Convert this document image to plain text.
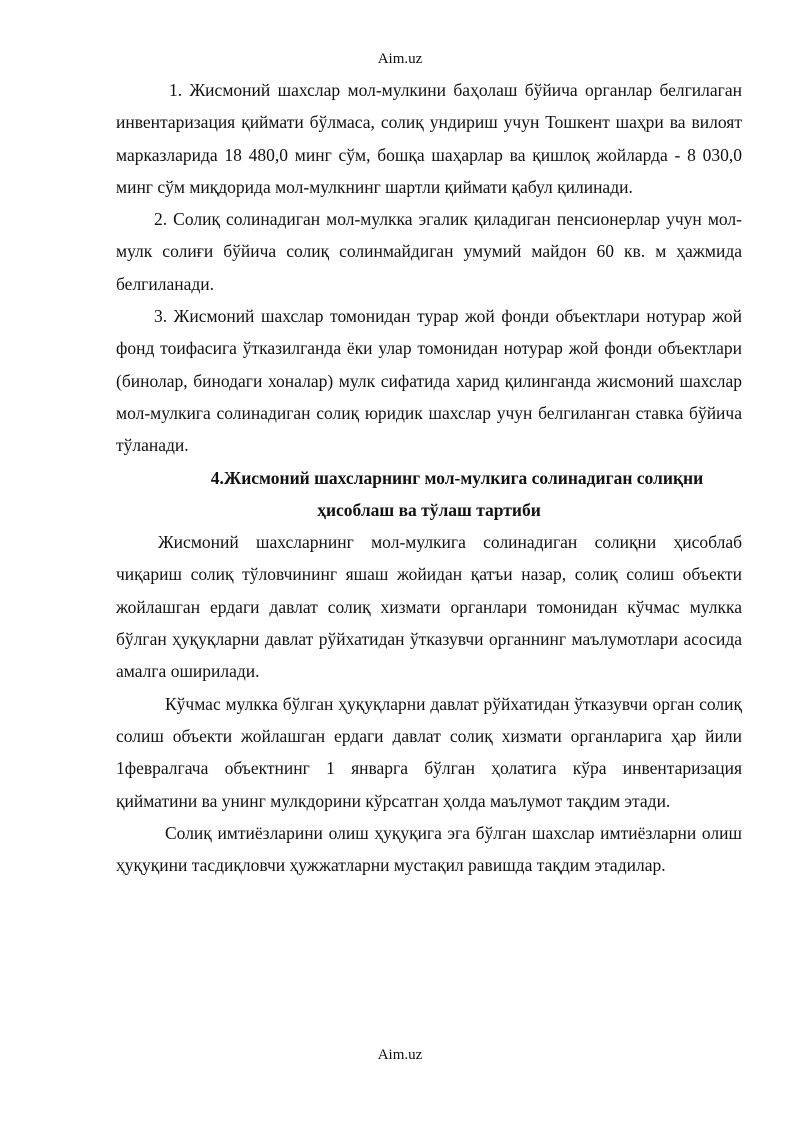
Aim.uz

1. Жисмоний шахслар мол-мулкини баҳолаш бўйича органлар белгилаган инвентаризация қиймати бўлмаса, солиқ ундириш учун Тошкент шаҳри ва вилоят марказларида 18 480,0 минг сўм, бошқа шаҳарлар ва қишлоқ жойларда - 8 030,0 минг сўм миқдорида мол-мулкнинг шартли қиймати қабул қилинади.

2. Солиқ солинадиган мол-мулкка эгалик қиладиган пенсионерлар учун мол-мулк солиғи бўйича солиқ солинмайдиган умумий майдон 60 кв. м ҳажмида белгиланади.

3. Жисмоний шахслар томонидан турар жой фонди объектлари нотурар жой фонд тоифасига ўтказилганда ёки улар томонидан нотурар жой фонди объектлари (бинолар, бинодаги хоналар) мулк сифатида харид қилинганда жисмоний шахслар мол-мулкига солинадиган солиқ юридик шахслар учун белгиланган ставка бўйича тўланади.

4.Жисмоний шахсларнинг мол-мулкига солинадиган солиқни

ҳисоблаш ва тўлаш тартиби

Жисмоний шахсларнинг мол-мулкига солинадиган солиқни ҳисоблаб чиқариш солиқ тўловчининг яшаш жойидан қатъи назар, солиқ солиш объекти жойлашган ердаги давлат солиқ хизмати органлари томонидан кўчмас мулкка бўлган ҳуқуқларни давлат рўйхатидан ўтказувчи органнинг маълумотлари асосида амалга оширилади.

Кўчмас мулкка бўлган ҳуқуқларни давлат рўйхатидан ўтказувчи орган солиқ солиш объекти жойлашган ердаги давлат солиқ хизмати органларига ҳар йили 1февралгача объектнинг 1 январга бўлган ҳолатига кўра инвентаризация қийматини ва унинг мулкдорини кўрсатган ҳолда маълумот тақдим этади.

Солиқ имтиёзларини олиш ҳуқуқига эга бўлган шахслар имтиёзларни олиш ҳуқуқини тасдиқловчи ҳужжатларни мустақил равишда тақдим этадилар.

Aim.uz
